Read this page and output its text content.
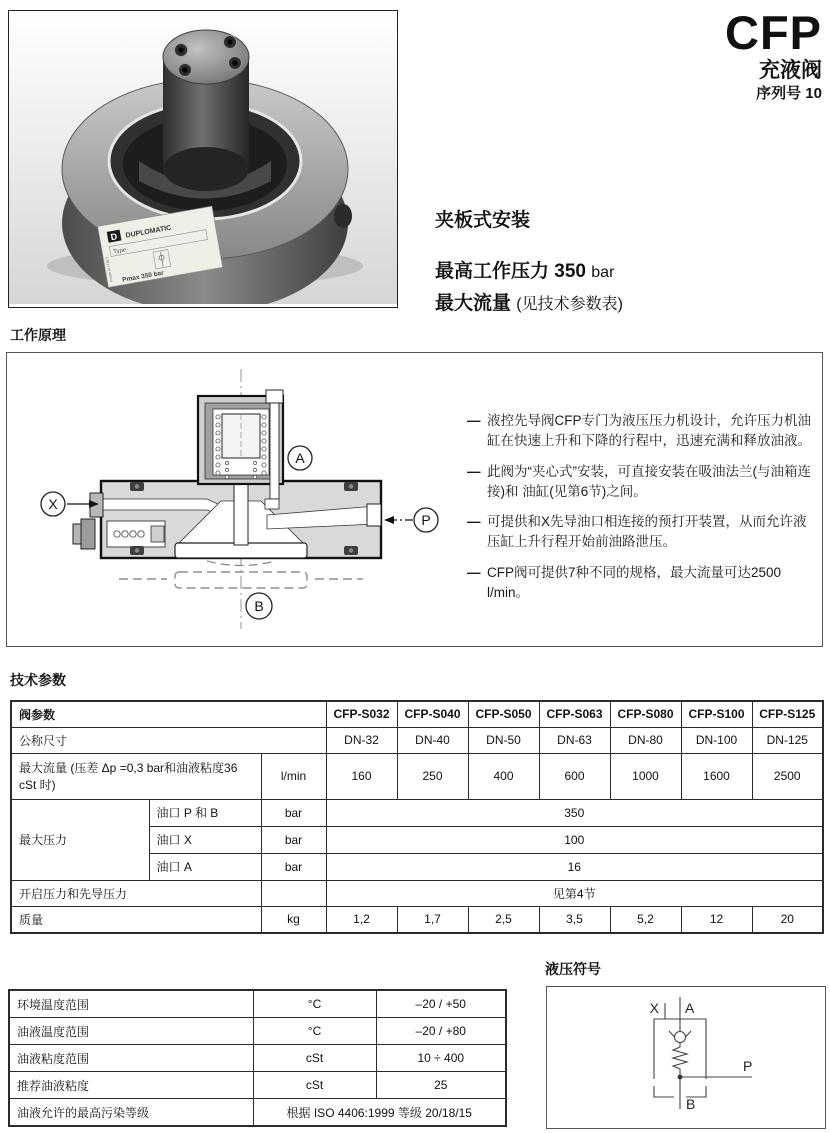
D DUPLOMATIC
Type
Pmax 350 bar
made in ITALY
CFP
充液阀
序列号 10
夹板式安装
最高工作压力 350 bar
最大流量 (见技术参数表)
工作原理
A
X
P
B
— 液控先导阀CFP专门为液压压力机设计，允许压力机油缸在快速上升和下降的行程中，迅速充满和释放油液。
— 此阀为“夹心式”安装，可直接安装在吸油法兰(与油箱连接)和 油缸(见第6节)之间。
— 可提供和X先导油口相连接的预打开装置，从而允许液压缸上升行程开始前油路泄压。
— CFP阀可提供7种不同的规格，最大流量可达2500 l/min。
技术参数
阀参数			CFP-S032	CFP-S040	CFP-S050	CFP-S063	CFP-S080	CFP-S100	CFP-S125
公称尺寸			DN-32	DN-40	DN-50	DN-63	DN-80	DN-100	DN-125
最大流量 (压差 Δp =0,3 bar和油液粘度36 cSt 时)		l/min	160	250	400	600	1000	1600	2500
最大压力	油口 P 和 B	bar	350						
	油口 X	bar	100						
	油口 A	bar	16						
开启压力和先导压力			见第4节						
质量		kg	1,2	1,7	2,5	3,5	5,2	12	20
环境温度范围	°C	–20 / +50
油液温度范围	°C	–20 / +80
油液粘度范围	cSt	10 ÷ 400
推荐油液粘度	cSt	25
油液允许的最高污染等级	根据 ISO 4406:1999 等级 20/18/15	
液压符号
X A
P
B
